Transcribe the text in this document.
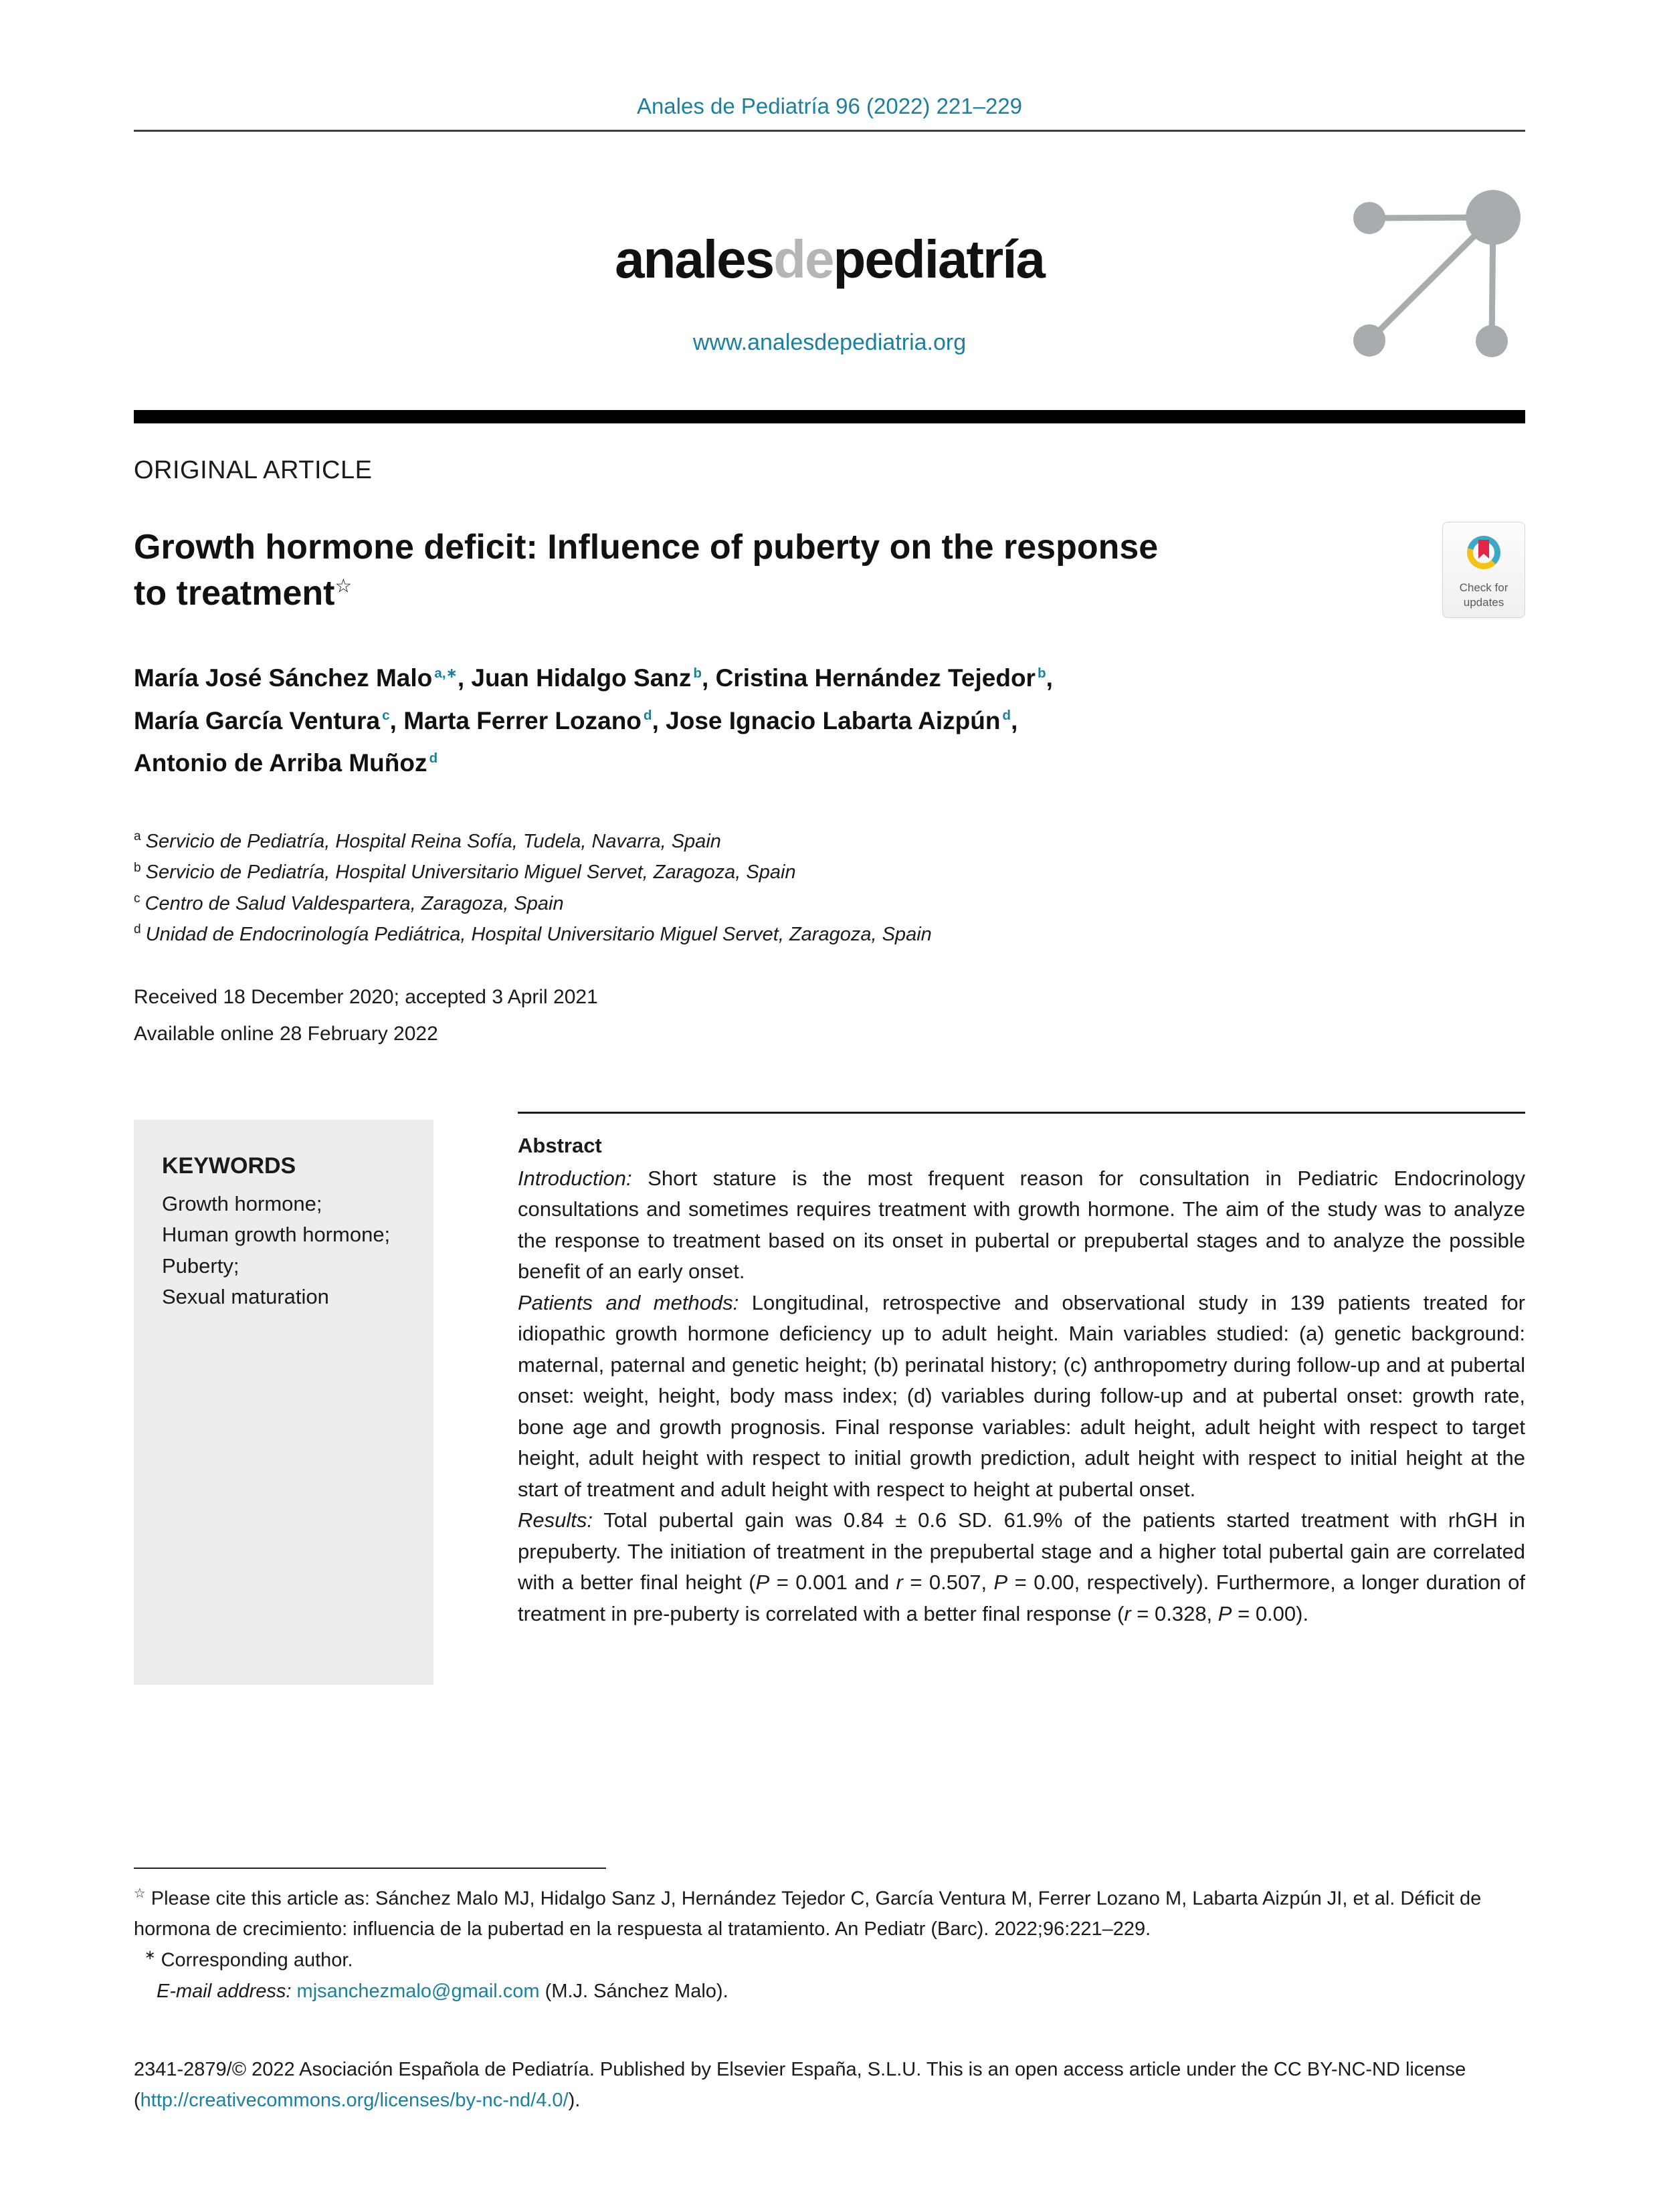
Anales de Pediatría 96 (2022) 221–229
analesdepediatría
www.analesdepediatria.org
ORIGINAL ARTICLE
Growth hormone deficit: Influence of puberty on the response to treatment☆	Check for
updates
María José Sánchez Malo $^{a,∗}$, Juan Hidalgo Sanz $^b$, Cristina Hernández Tejedor $^b$,
María García Ventura $^c$, Marta Ferrer Lozano $^d$, Jose Ignacio Labarta Aizpún $^d$,
Antonio de Arriba Muñoz $^d$
$^a$ Servicio de Pediatría, Hospital Reina Sofía, Tudela, Navarra, Spain
$^b$ Servicio de Pediatría, Hospital Universitario Miguel Servet, Zaragoza, Spain
$^c$ Centro de Salud Valdespartera, Zaragoza, Spain
$^d$ Unidad de Endocrinología Pediátrica, Hospital Universitario Miguel Servet, Zaragoza, Spain
Received 18 December 2020; accepted 3 April 2021
Available online 28 February 2022
KEYWORDS
Growth hormone;
Human growth hormone;
Puberty;
Sexual maturation
Abstract

Introduction: Short stature is the most frequent reason for consultation in Pediatric Endocrinology consultations and sometimes requires treatment with growth hormone. The aim of the study was to analyze the response to treatment based on its onset in pubertal or prepubertal stages and to analyze the possible benefit of an early onset.

Patients and methods: Longitudinal, retrospective and observational study in 139 patients treated for idiopathic growth hormone deficiency up to adult height. Main variables studied: (a) genetic background: maternal, paternal and genetic height; (b) perinatal history; (c) anthropometry during follow-up and at pubertal onset: weight, height, body mass index; (d) variables during follow-up and at pubertal onset: growth rate, bone age and growth prognosis. Final response variables: adult height, adult height with respect to target height, adult height with respect to initial growth prediction, adult height with respect to initial height at the start of treatment and adult height with respect to height at pubertal onset.

Results: Total pubertal gain was 0.84 ± 0.6 SD. 61.9% of the patients started treatment with rhGH in prepuberty. The initiation of treatment in the prepubertal stage and a higher total pubertal gain are correlated with a better final height (P = 0.001 and r = 0.507, P = 0.00, respectively). Furthermore, a longer duration of treatment in pre-puberty is correlated with a better final response (r = 0.328, P = 0.00).

☆ Please cite this article as: Sánchez Malo MJ, Hidalgo Sanz J, Hernández Tejedor C, García Ventura M, Ferrer Lozano M, Labarta Aizpún JI, et al. Déficit de hormona de crecimiento: influencia de la pubertad en la respuesta al tratamiento. An Pediatr (Barc). 2022;96:221–229.

∗ Corresponding author.

E-mail address: mjsanchezmalo@gmail.com (M.J. Sánchez Malo).

2341-2879/© 2022 Asociación Española de Pediatría. Published by Elsevier España, S.L.U. This is an open access article under the CC BY-NC-ND license (http://creativecommons.org/licenses/by-nc-nd/4.0/).
